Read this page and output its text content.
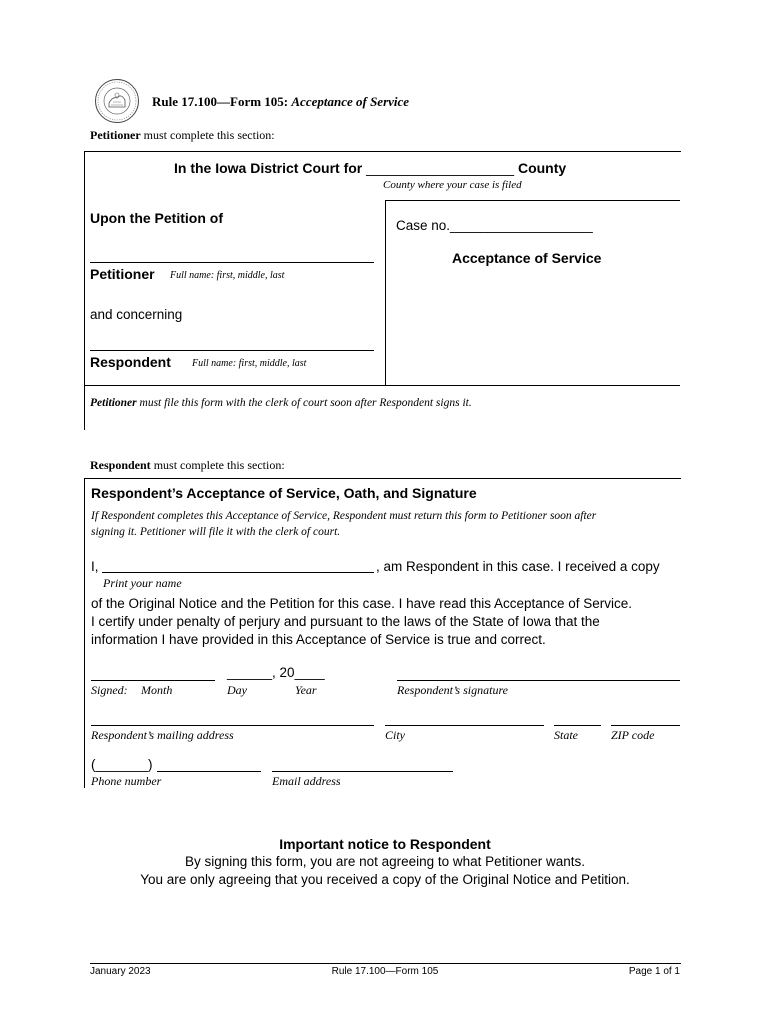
Rule 17.100—Form 105: Acceptance of Service
Petitioner must complete this section:
In the Iowa District Court for ___________________ County
County where your case is filed
Upon the Petition of	Case no.___________________
Acceptance of Service
Petitioner Full name: first, middle, last
and concerning
Respondent Full name: first, middle, last
Petitioner must file this form with the clerk of court soon after Respondent signs it.
Respondent must complete this section:
Respondent’s Acceptance of Service, Oath, and Signature
If Respondent completes this Acceptance of Service, Respondent must return this form to Petitioner soon after
signing it. Petitioner will file it with the clerk of court.
I,	, am Respondent in this case. I received a copy
Print your name
of the Original Notice and the Petition for this case. I have read this Acceptance of Service.
I certify under penalty of perjury and pursuant to the laws of the State of Iowa that the
information I have provided in this Acceptance of Service is true and correct.
______, 20____
Signed: Month	Day	Year	Respondent’s signature
Respondent’s mailing address	City	State	ZIP code
(_______)
Phone number	Email address
Important notice to Respondent
By signing this form, you are not agreeing to what Petitioner wants.
You are only agreeing that you received a copy of the Original Notice and Petition.
January 2023	Rule 17.100—Form 105	Page 1 of 1
